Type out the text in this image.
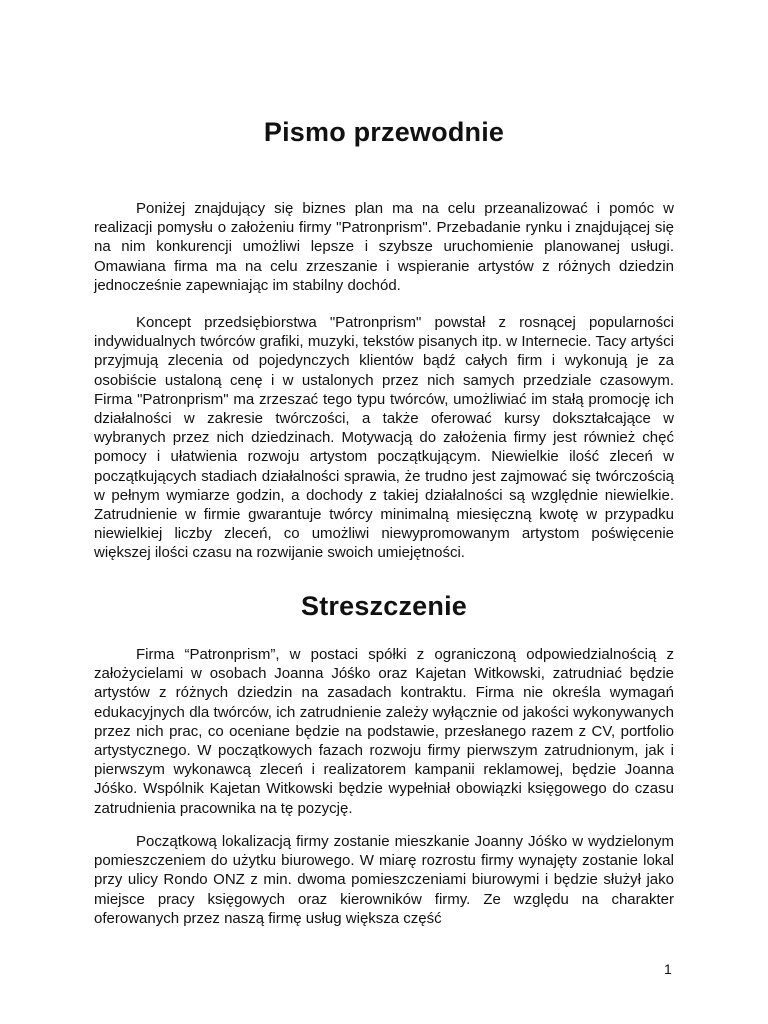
Pismo przewodnie

Poniżej znajdujący się biznes plan ma na celu przeanalizować i pomóc w realizacji pomysłu o założeniu firmy "Patronprism". Przebadanie rynku i znajdującej się na nim konkurencji umożliwi lepsze i szybsze uruchomienie planowanej usługi. Omawiana firma ma na celu zrzeszanie i wspieranie artystów z różnych dziedzin jednocześnie zapewniając im stabilny dochód.

Koncept przedsiębiorstwa "Patronprism" powstał z rosnącej popularności indywidualnych twórców grafiki, muzyki, tekstów pisanych itp. w Internecie. Tacy artyści przyjmują zlecenia od pojedynczych klientów bądź całych firm i wykonują je za osobiście ustaloną cenę i w ustalonych przez nich samych przedziale czasowym. Firma "Patronprism" ma zrzeszać tego typu twórców, umożliwiać im stałą promocję ich działalności w zakresie twórczości, a także oferować kursy dokształcające w wybranych przez nich dziedzinach. Motywacją do założenia firmy jest również chęć pomocy i ułatwienia rozwoju artystom początkującym. Niewielkie ilość zleceń w początkujących stadiach działalności sprawia, że trudno jest zajmować się twórczością w pełnym wymiarze godzin, a dochody z takiej działalności są względnie niewielkie. Zatrudnienie w firmie gwarantuje twórcy minimalną miesięczną kwotę w przypadku niewielkiej liczby zleceń, co umożliwi niewypromowanym artystom poświęcenie większej ilości czasu na rozwijanie swoich umiejętności.

Streszczenie

Firma “Patronprism”, w postaci spółki z ograniczoną odpowiedzialnością z założycielami w osobach Joanna Jóśko oraz Kajetan Witkowski, zatrudniać będzie artystów z różnych dziedzin na zasadach kontraktu. Firma nie określa wymagań edukacyjnych dla twórców, ich zatrudnienie zależy wyłącznie od jakości wykonywanych przez nich prac, co oceniane będzie na podstawie, przesłanego razem z CV, portfolio artystycznego. W początkowych fazach rozwoju firmy pierwszym zatrudnionym, jak i pierwszym wykonawcą zleceń i realizatorem kampanii reklamowej, będzie Joanna Jóśko. Wspólnik Kajetan Witkowski będzie wypełniał obowiązki księgowego do czasu zatrudnienia pracownika na tę pozycję.

Początkową lokalizacją firmy zostanie mieszkanie Joanny Jóśko w wydzielonym pomieszczeniem do użytku biurowego. W miarę rozrostu firmy wynajęty zostanie lokal przy ulicy Rondo ONZ z min. dwoma pomieszczeniami biurowymi i będzie służył jako miejsce pracy księgowych oraz kierowników firmy. Ze względu na charakter oferowanych przez naszą firmę usług większa część

1
